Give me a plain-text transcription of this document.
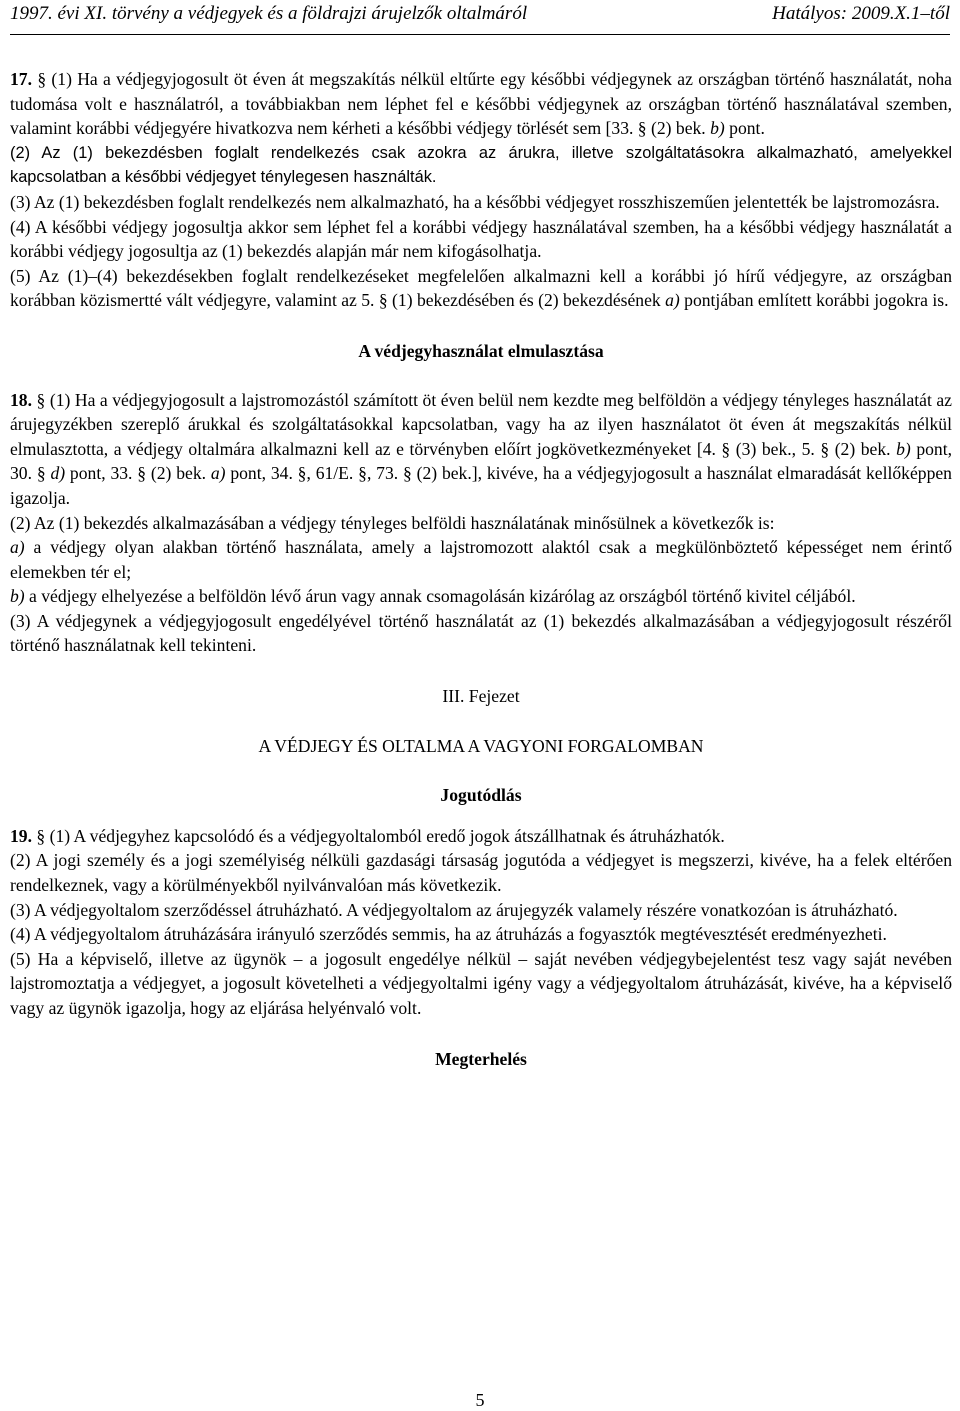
1997. évi XI. törvény a védjegyek és a földrajzi árujelzők oltalmáról	Hatályos: 2009.X.1–től

17. § (1) Ha a védjegyjogosult öt éven át megszakítás nélkül eltűrte egy későbbi védjegynek az országban történő használatát, noha tudomása volt e használatról, a továbbiakban nem léphet fel e későbbi védjegynek az országban történő használatával szemben, valamint korábbi védjegyére hivatkozva nem kérheti a későbbi védjegy törlését sem [33. § (2) bek. b) pont.

(2) Az (1) bekezdésben foglalt rendelkezés csak azokra az árukra, illetve szolgáltatásokra alkalmazható, amelyekkel kapcsolatban a későbbi védjegyet ténylegesen használták.

(3) Az (1) bekezdésben foglalt rendelkezés nem alkalmazható, ha a későbbi védjegyet rosszhiszeműen jelentették be lajstromozásra.

(4) A későbbi védjegy jogosultja akkor sem léphet fel a korábbi védjegy használatával szemben, ha a későbbi védjegy használatát a korábbi védjegy jogosultja az (1) bekezdés alapján már nem kifogásolhatja.

(5) Az (1)–(4) bekezdésekben foglalt rendelkezéseket megfelelően alkalmazni kell a korábbi jó hírű védjegyre, az országban korábban közismertté vált védjegyre, valamint az 5. § (1) bekezdésében és (2) bekezdésének a) pontjában említett korábbi jogokra is.

A védjegyhasználat elmulasztása

18. § (1) Ha a védjegyjogosult a lajstromozástól számított öt éven belül nem kezdte meg belföldön a védjegy tényleges használatát az árujegyzékben szereplő árukkal és szolgáltatásokkal kapcsolatban, vagy ha az ilyen használatot öt éven át megszakítás nélkül elmulasztotta, a védjegy oltalmára alkalmazni kell az e törvényben előírt jogkövetkezményeket [4. § (3) bek., 5. § (2) bek. b) pont, 30. § d) pont, 33. § (2) bek. a) pont, 34. §, 61/E. §, 73. § (2) bek.], kivéve, ha a védjegyjogosult a használat elmaradását kellőképpen igazolja.

(2) Az (1) bekezdés alkalmazásában a védjegy tényleges belföldi használatának minősülnek a következők is:

a) a védjegy olyan alakban történő használata, amely a lajstromozott alaktól csak a megkülönböztető képességet nem érintő elemekben tér el;

b) a védjegy elhelyezése a belföldön lévő árun vagy annak csomagolásán kizárólag az országból történő kivitel céljából.

(3) A védjegynek a védjegyjogosult engedélyével történő használatát az (1) bekezdés alkalmazásában a védjegyjogosult részéről történő használatnak kell tekinteni.

III. Fejezet

A VÉDJEGY ÉS OLTALMA A VAGYONI FORGALOMBAN

Jogutódlás

19. § (1) A védjegyhez kapcsolódó és a védjegyoltalomból eredő jogok átszállhatnak és átruházhatók.

(2) A jogi személy és a jogi személyiség nélküli gazdasági társaság jogutóda a védjegyet is megszerzi, kivéve, ha a felek eltérően rendelkeznek, vagy a körülményekből nyilvánvalóan más következik.

(3) A védjegyoltalom szerződéssel átruházható. A védjegyoltalom az árujegyzék valamely részére vonatkozóan is átruházható.

(4) A védjegyoltalom átruházására irányuló szerződés semmis, ha az átruházás a fogyasztók megtévesztését eredményezheti.

(5) Ha a képviselő, illetve az ügynök – a jogosult engedélye nélkül – saját nevében védjegybejelentést tesz vagy saját nevében lajstromoztatja a védjegyet, a jogosult követelheti a védjegyoltalmi igény vagy a védjegyoltalom átruházását, kivéve, ha a képviselő vagy az ügynök igazolja, hogy az eljárása helyénvaló volt.

Megterhelés

5
